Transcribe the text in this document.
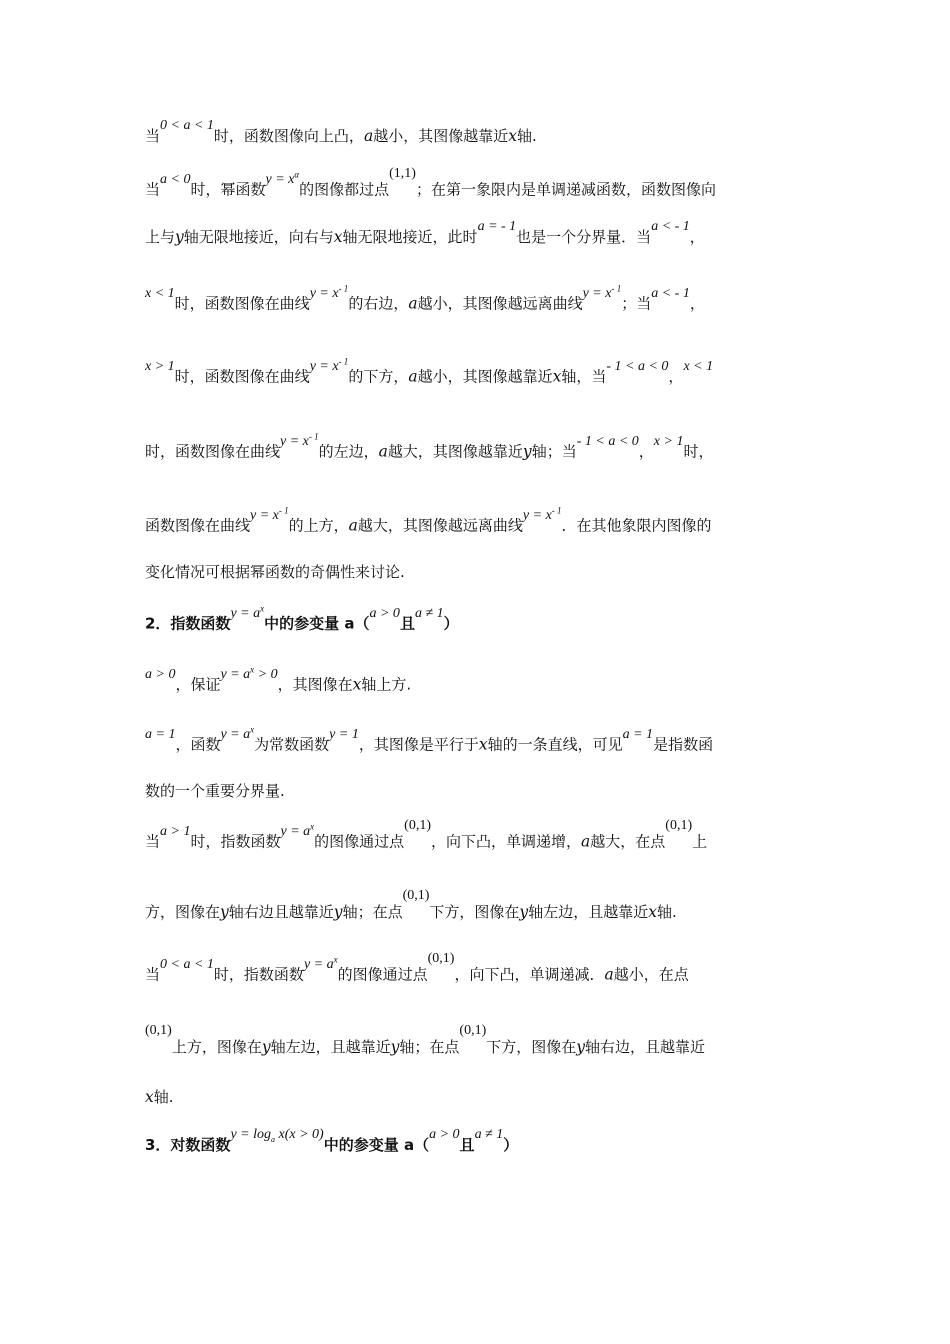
当0 < a < 1时，函数图像向上凸，a越小，其图像越靠近x轴.
当a < 0时，幂函数$y = x^\alpha$的图像都过点(1,1)；在第一象限内是单调递减函数，函数图像向
上与y轴无限地接近，向右与x轴无限地接近，此时a = - 1也是一个分界量．当a < - 1，
x < 1时，函数图像在曲线$y = x^{- 1}$的右边，a越小，其图像越远离曲线$y = x^{- 1}$；当a < - 1，
x > 1时，函数图像在曲线$y = x^{- 1}$的下方，a越小，其图像越靠近x轴，当- 1 < a < 0，x < 1
时，函数图像在曲线$y = x^{- 1}$的左边，a越大，其图像越靠近y轴；当- 1 < a < 0，x > 1时，
函数图像在曲线$y = x^{- 1}$的上方，a越大，其图像越远离曲线$y = x^{- 1}$．在其他象限内图像的
变化情况可根据幂函数的奇偶性来讨论.
2．指数函数$y = a^x$中的参变量 a（a > 0且a ≠ 1）
a > 0，保证$y = a^x > 0$，其图像在x轴上方.
a = 1，函数$y = a^x$为常数函数y = 1，其图像是平行于x轴的一条直线，可见a = 1是指数函
数的一个重要分界量.
当a > 1时，指数函数$y = a^x$的图像通过点(0,1)，向下凸，单调递增，a越大，在点(0,1)上
方，图像在y轴右边且越靠近y轴；在点(0,1)下方，图像在y轴左边，且越靠近x轴.
当0 < a < 1时，指数函数$y = a^x$的图像通过点(0,1)，向下凸，单调递减．a越小，在点
(0,1)上方，图像在y轴左边，且越靠近y轴；在点(0,1)下方，图像在y轴右边，且越靠近
x轴.
3．对数函数$y = \log_a x(x > 0)$中的参变量 a（a > 0且a ≠ 1）
